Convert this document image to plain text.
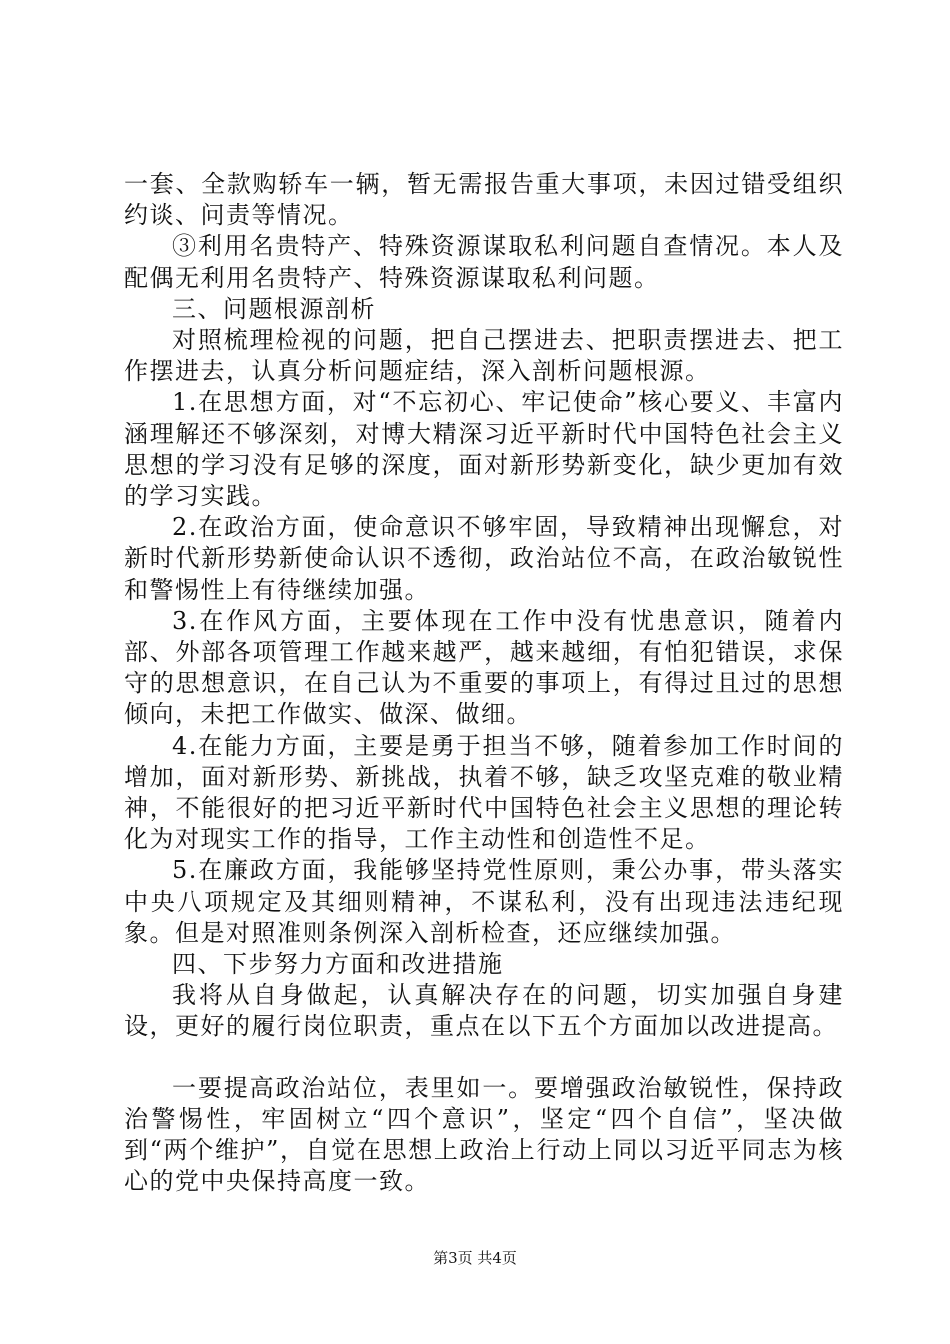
一套、全款购轿车一辆，暂无需报告重大事项，未因过错受组织约谈、问责等情况。

③利用名贵特产、特殊资源谋取私利问题自查情况。本人及配偶无利用名贵特产、特殊资源谋取私利问题。

三、问题根源剖析

对照梳理检视的问题，把自己摆进去、把职责摆进去、把工作摆进去，认真分析问题症结，深入剖析问题根源。

1.在思想方面，对“不忘初心、牢记使命”核心要义、丰富内涵理解还不够深刻，对博大精深习近平新时代中国特色社会主义思想的学习没有足够的深度，面对新形势新变化，缺少更加有效的学习实践。

2.在政治方面，使命意识不够牢固，导致精神出现懈怠，对新时代新形势新使命认识不透彻，政治站位不高，在政治敏锐性和警惕性上有待继续加强。

3.在作风方面，主要体现在工作中没有忧患意识，随着内部、外部各项管理工作越来越严，越来越细，有怕犯错误，求保守的思想意识，在自己认为不重要的事项上，有得过且过的思想倾向，未把工作做实、做深、做细。

4.在能力方面，主要是勇于担当不够，随着参加工作时间的增加，面对新形势、新挑战，执着不够，缺乏攻坚克难的敬业精神，不能很好的把习近平新时代中国特色社会主义思想的理论转化为对现实工作的指导，工作主动性和创造性不足。

5.在廉政方面，我能够坚持党性原则，秉公办事，带头落实中央八项规定及其细则精神，不谋私利，没有出现违法违纪现象。但是对照准则条例深入剖析检查，还应继续加强。

四、下步努力方面和改进措施

我将从自身做起，认真解决存在的问题，切实加强自身建设，更好的履行岗位职责，重点在以下五个方面加以改进提高。

一要提高政治站位，表里如一。要增强政治敏锐性，保持政治警惕性，牢固树立“四个意识”，坚定“四个自信”，坚决做到“两个维护”，自觉在思想上政治上行动上同以习近平同志为核心的党中央保持高度一致。

第3页 共4页
